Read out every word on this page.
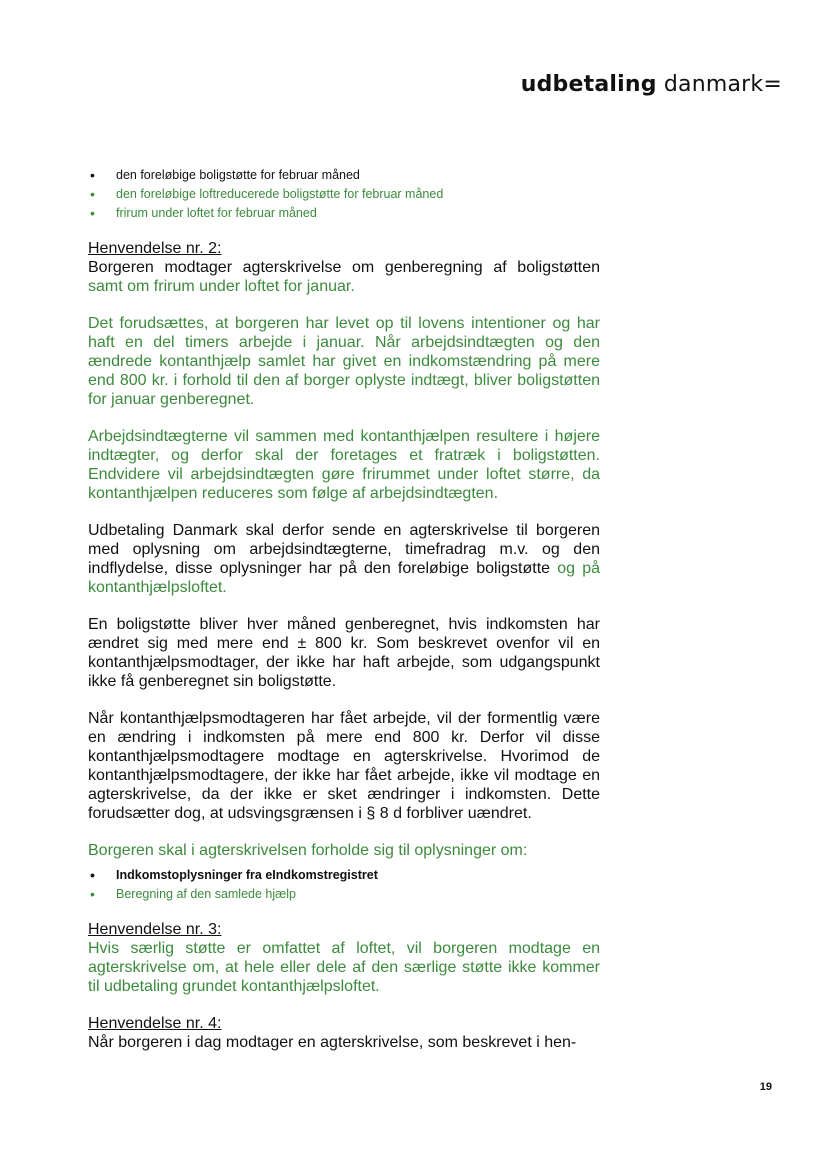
udbetaling danmark=
• den foreløbige boligstøtte for februar måned
• den foreløbige loftreducerede boligstøtte for februar måned
• frirum under loftet for februar måned
Henvendelse nr. 2:

Borgeren modtager agterskrivelse om genberegning af boligstøtten samt om frirum under loftet for januar.

Det forudsættes, at borgeren har levet op til lovens intentioner og har haft en del timers arbejde i januar. Når arbejdsindtægten og den ændrede kontanthjælp samlet har givet en indkomstændring på mere end 800 kr. i forhold til den af borger oplyste indtægt, bliver boligstøtten for januar genberegnet.

Arbejdsindtægterne vil sammen med kontanthjælpen resultere i højere indtægter, og derfor skal der foretages et fratræk i boligstøtten. Endvidere vil arbejdsindtægten gøre frirummet under loftet større, da kontanthjælpen reduceres som følge af arbejdsindtægten.

Udbetaling Danmark skal derfor sende en agterskrivelse til borgeren med oplysning om arbejdsindtægterne, timefradrag m.v. og den indflydelse, disse oplysninger har på den foreløbige boligstøtte og på kontanthjælpsloftet.

En boligstøtte bliver hver måned genberegnet, hvis indkomsten har ændret sig med mere end ± 800 kr. Som beskrevet ovenfor vil en kontanthjælpsmodtager, der ikke har haft arbejde, som udgangspunkt ikke få genberegnet sin boligstøtte.

Når kontanthjælpsmodtageren har fået arbejde, vil der formentlig være en ændring i indkomsten på mere end 800 kr. Derfor vil disse kontanthjælpsmodtagere modtage en agterskrivelse. Hvorimod de kontanthjælpsmodtagere, der ikke har fået arbejde, ikke vil modtage en agterskrivelse, da der ikke er sket ændringer i indkomsten. Dette forudsætter dog, at udsvingsgrænsen i § 8 d forbliver uændret.

Borgeren skal i agterskrivelsen forholde sig til oplysninger om:

• Indkomstoplysninger fra eIndkomstregistret
• Beregning af den samlede hjælp
Henvendelse nr. 3:

Hvis særlig støtte er omfattet af loftet, vil borgeren modtage en agterskrivelse om, at hele eller dele af den særlige støtte ikke kommer til udbetaling grundet kontanthjælpsloftet.

Henvendelse nr. 4:

Når borgeren i dag modtager en agterskrivelse, som beskrevet i hen-

19
